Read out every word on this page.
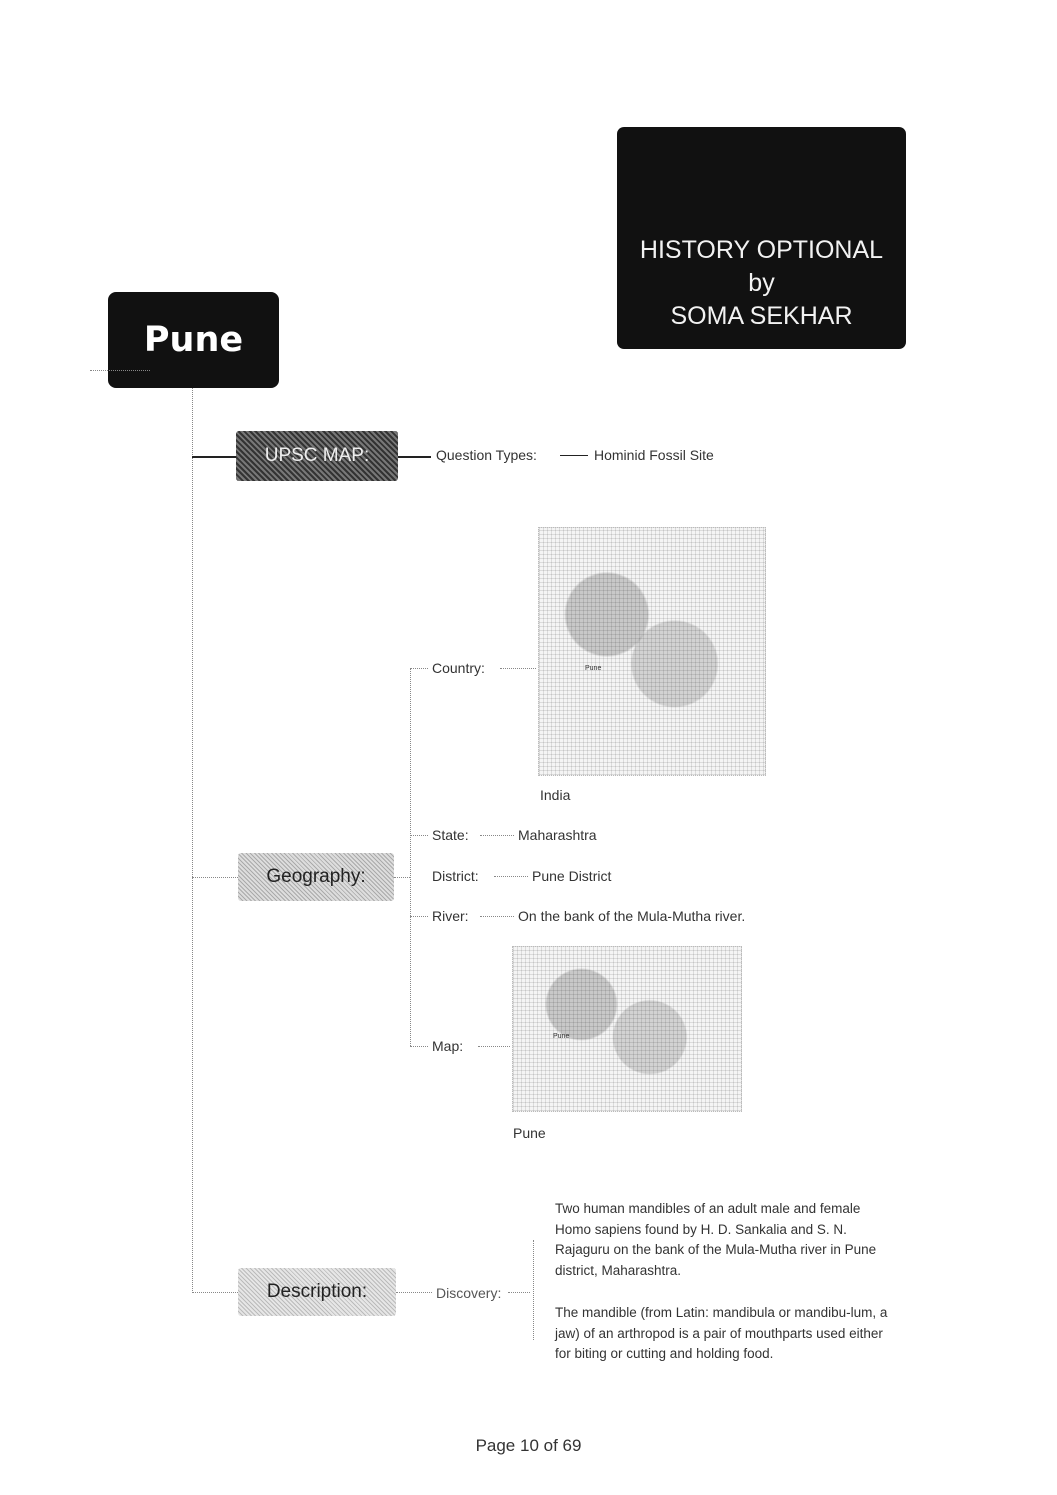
HISTORY OPTIONAL
by
SOMA SEKHAR
Pune
UPSC MAP:	Question Types:	Hominid Fossil Site
Geography:
Country:	Pune
India
State:	Maharashtra
District:	Pune District
River:	On the bank of the Mula-Mutha river.
Map:
Pune
Pune
Description:	Discovery:
Two human mandibles of an adult male and female Homo sapiens found by H. D. Sankalia and S. N. Rajaguru on the bank of the Mula-Mutha river in Pune district, Maharashtra.
The mandible (from Latin: mandibula or mandibu-lum, a jaw) of an arthropod is a pair of mouthparts used either for biting or cutting and holding food.
Page 10 of 69
